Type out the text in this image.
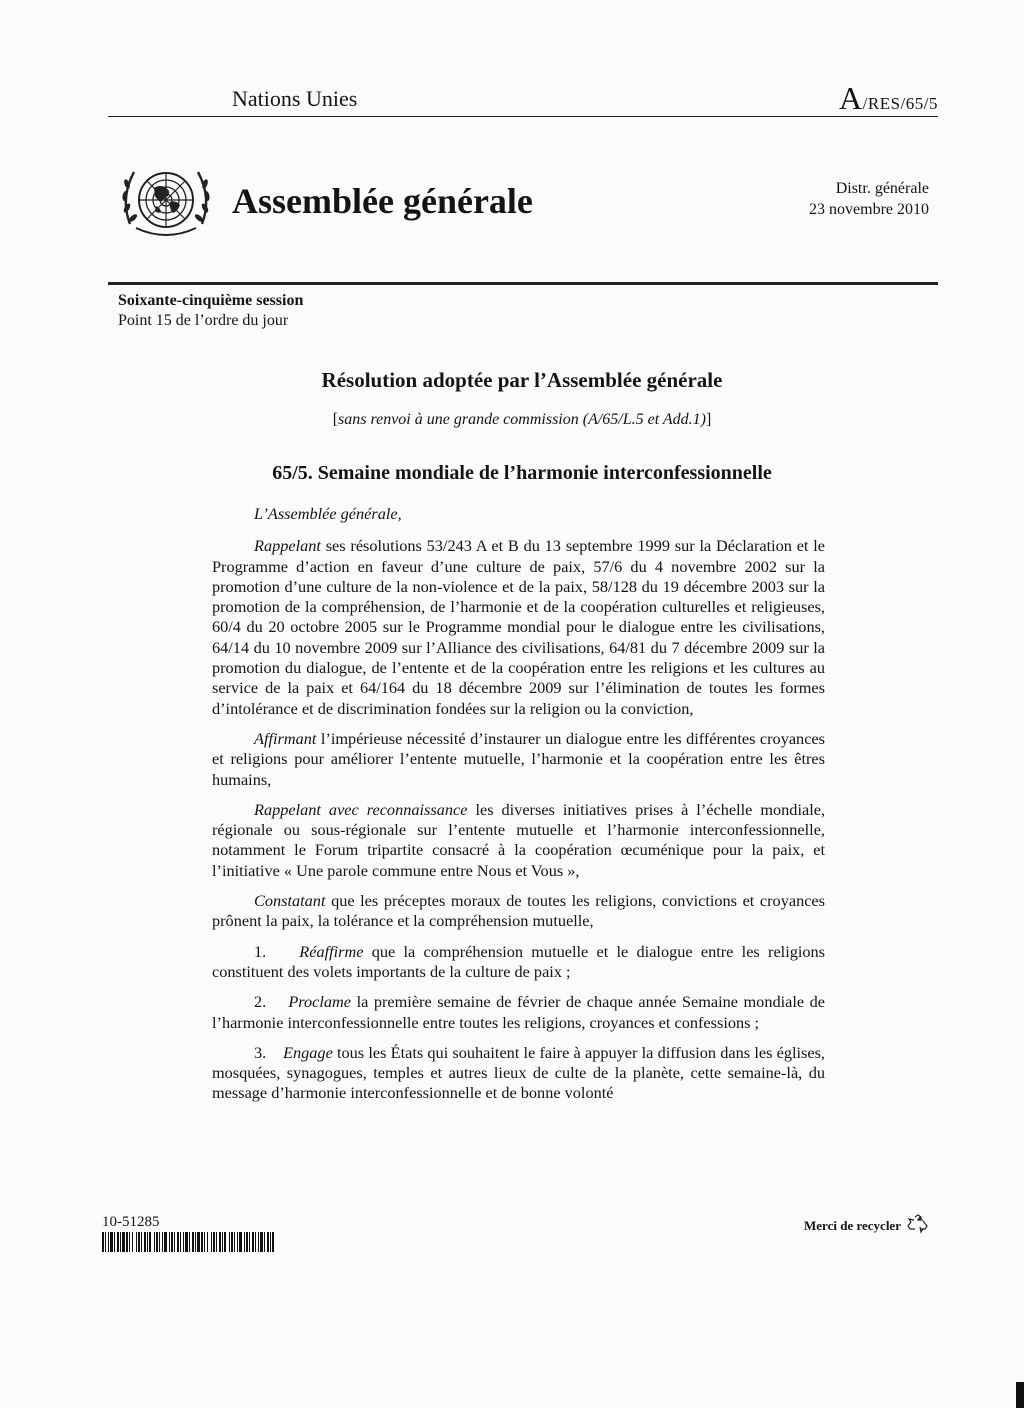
Nations Unies	A/RES/65/5
Assemblée générale	Distr. générale
23 novembre 2010
Soixante-cinquième session
Point 15 de l’ordre du jour
Résolution adoptée par l’Assemblée générale
[sans renvoi à une grande commission (A/65/L.5 et Add.1)]
65/5. Semaine mondiale de l’harmonie interconfessionnelle

L’Assemblée générale,

Rappelant ses résolutions 53/243 A et B du 13 septembre 1999 sur la Déclaration et le Programme d’action en faveur d’une culture de paix, 57/6 du 4 novembre 2002 sur la promotion d’une culture de la non-violence et de la paix, 58/128 du 19 décembre 2003 sur la promotion de la compréhension, de l’harmonie et de la coopération culturelles et religieuses, 60/4 du 20 octobre 2005 sur le Programme mondial pour le dialogue entre les civilisations, 64/14 du 10 novembre 2009 sur l’Alliance des civilisations, 64/81 du 7 décembre 2009 sur la promotion du dialogue, de l’entente et de la coopération entre les religions et les cultures au service de la paix et 64/164 du 18 décembre 2009 sur l’élimination de toutes les formes d’intolérance et de discrimination fondées sur la religion ou la conviction,

Affirmant l’impérieuse nécessité d’instaurer un dialogue entre les différentes croyances et religions pour améliorer l’entente mutuelle, l’harmonie et la coopération entre les êtres humains,

Rappelant avec reconnaissance les diverses initiatives prises à l’échelle mondiale, régionale ou sous-régionale sur l’entente mutuelle et l’harmonie interconfessionnelle, notamment le Forum tripartite consacré à la coopération œcuménique pour la paix, et l’initiative « Une parole commune entre Nous et Vous »,

Constatant que les préceptes moraux de toutes les religions, convictions et croyances prônent la paix, la tolérance et la compréhension mutuelle,

1. Réaffirme que la compréhension mutuelle et le dialogue entre les religions constituent des volets importants de la culture de paix ;

2. Proclame la première semaine de février de chaque année Semaine mondiale de l’harmonie interconfessionnelle entre toutes les religions, croyances et confessions ;

3. Engage tous les États qui souhaitent le faire à appuyer la diffusion dans les églises, mosquées, synagogues, temples et autres lieux de culte de la planète, cette semaine-là, du message d’harmonie interconfessionnelle et de bonne volonté

10-51285	Merci de recycler
